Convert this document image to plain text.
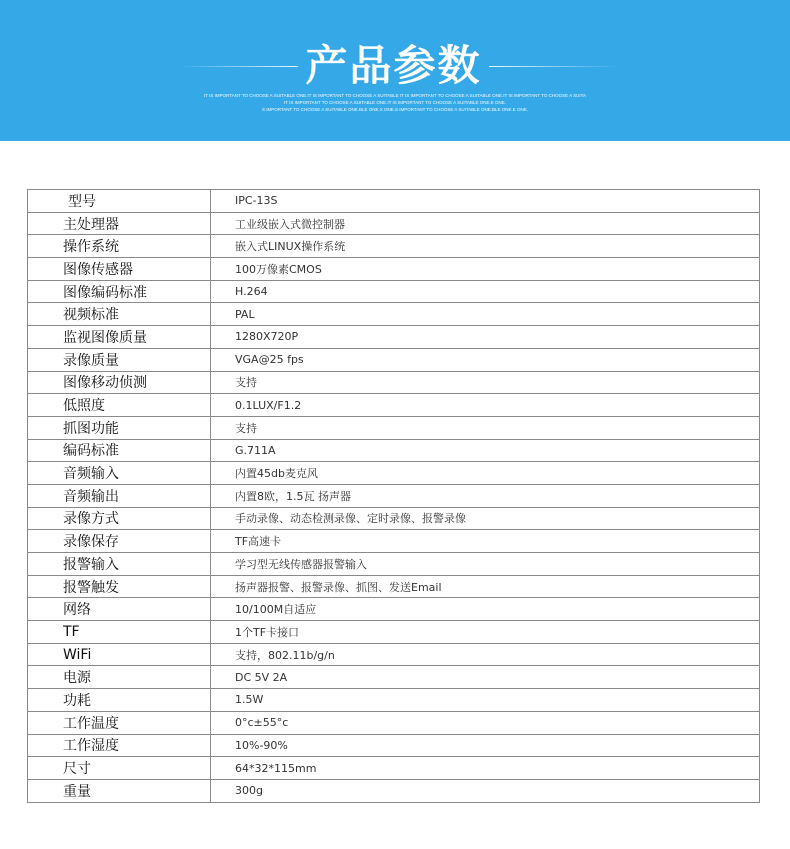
产品参数
IT IS IMPORTANT TO CHOOSE A SUITABLE ONE.IT IS IMPORTANT TO CHOOSE A SUITABLE IT IS IMPORTANT TO CHOOSE A SUITABLE ONE.IT IS IMPORTANT TO CHOOSE A SUITA
IT IS IMPORTANT TO CHOOSE A SUITABLE ONE.IT IS IMPORTANT TO CHOOSE A SUITABLE ONE.E ONE.
S IMPORTANT TO CHOOSE A SUITABLE ONE.BLE ONE.X ONE.S IMPORTANT TO CHOOSE A SUITABLE ONE.BLE ONE.E ONE.
型号	IPC-13S
主处理器	工业级嵌入式微控制器
操作系统	嵌入式LINUX操作系统
图像传感器	100万像素CMOS
图像编码标准	H.264
视频标准	PAL
监视图像质量	1280X720P
录像质量	VGA@25 fps
图像移动侦测	支持
低照度	0.1LUX/F1.2
抓图功能	支持
编码标准	G.711A
音频输入	内置45db麦克风
音频输出	内置8欧，1.5瓦 扬声器
录像方式	手动录像、动态检测录像、定时录像、报警录像
录像保存	TF高速卡
报警输入	学习型无线传感器报警输入
报警触发	扬声器报警、报警录像、抓图、发送Email
网络	10/100M自适应
TF	1个TF卡接口
WiFi	支持，802.11b/g/n
电源	DC 5V 2A
功耗	1.5W
工作温度	0°c±55°c
工作湿度	10%-90%
尺寸	64*32*115mm
重量	300g
